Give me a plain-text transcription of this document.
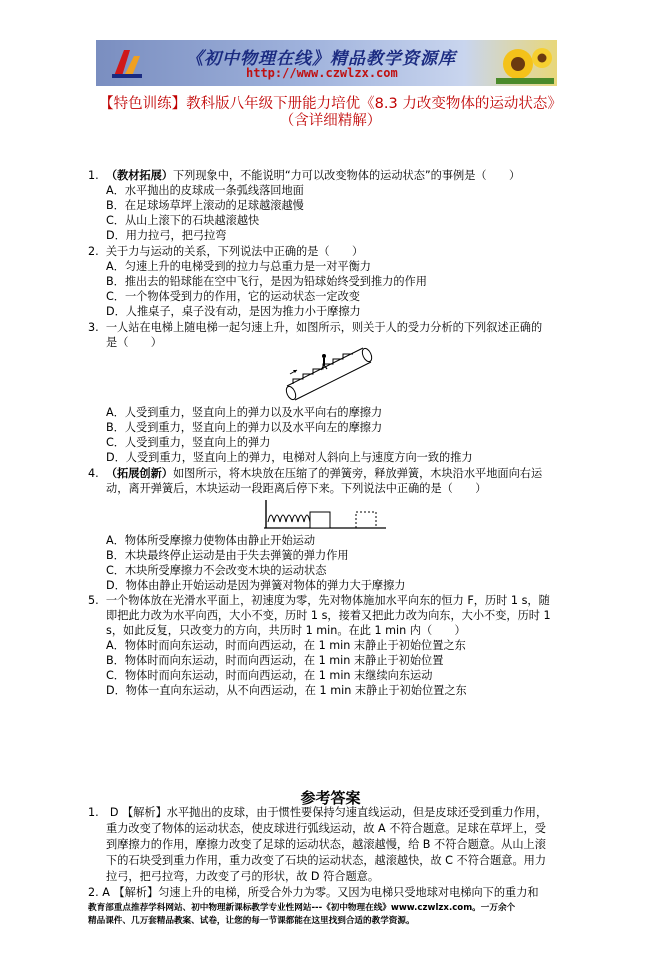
《初中物理在线》精品教学资源库
http://www.czwlzx.com
【特色训练】教科版八年级下册能力培优《8.3 力改变物体的运动状态》
（含详细精解）
1. （教材拓展）下列现象中，不能说明“力可以改变物体的运动状态”的事例是（　　）
A．水平抛出的皮球成一条弧线落回地面
B．在足球场草坪上滚动的足球越滚越慢
C．从山上滚下的石块越滚越快
D．用力拉弓，把弓拉弯
2. 关于力与运动的关系，下列说法中正确的是（　　）
A．匀速上升的电梯受到的拉力与总重力是一对平衡力
B．推出去的铅球能在空中飞行，是因为铅球始终受到推力的作用
C．一个物体受到力的作用，它的运动状态一定改变
D．人推桌子，桌子没有动，是因为推力小于摩擦力
3. 一人站在电梯上随电梯一起匀速上升，如图所示，则关于人的受力分析的下列叙述正确的
是（　　）
A．人受到重力，竖直向上的弹力以及水平向右的摩擦力
B．人受到重力，竖直向上的弹力以及水平向左的摩擦力
C．人受到重力，竖直向上的弹力
D．人受到重力，竖直向上的弹力，电梯对人斜向上与速度方向一致的推力
4. （拓展创新）如图所示，将木块放在压缩了的弹簧旁，释放弹簧，木块沿水平地面向右运
动，离开弹簧后，木块运动一段距离后停下来。下列说法中正确的是（　　）
A．物体所受摩擦力使物体由静止开始运动
B．木块最终停止运动是由于失去弹簧的弹力作用
C．木块所受摩擦力不会改变木块的运动状态
D．物体由静止开始运动是因为弹簧对物体的弹力大于摩擦力
5. 一个物体放在光滑水平面上，初速度为零，先对物体施加水平向东的恒力 F，历时 1 s，随
即把此力改为水平向西，大小不变，历时 1 s，接着又把此力改为向东，大小不变，历时 1
s，如此反复，只改变力的方向，共历时 1 min。在此 1 min 内（　　）
A．物体时而向东运动，时而向西运动，在 1 min 末静止于初始位置之东
B．物体时而向东运动，时而向西运动，在 1 min 末静止于初始位置
C．物体时而向东运动，时而向西运动，在 1 min 末继续向东运动
D．物体一直向东运动，从不向西运动，在 1 min 末静止于初始位置之东
参考答案
1.　D 【解析】水平抛出的皮球，由于惯性要保持匀速直线运动，但是皮球还受到重力作用，
重力改变了物体的运动状态，使皮球进行弧线运动，故 A 不符合题意。足球在草坪上，受
到摩擦力的作用，摩擦力改变了足球的运动状态，越滚越慢，给 B 不符合题意。从山上滚
下的石块受到重力作用，重力改变了石块的运动状态，越滚越快，故 C 不符合题意。用力
拉弓，把弓拉弯，力改变了弓的形状，故 D 符合题意。
2. A 【解析】匀速上升的电梯，所受合外力为零。又因为电梯只受地球对电梯向下的重力和
教育部重点推荐学科网站、初中物理新课标教学专业性网站---《初中物理在线》www.czwlzx.com。一万余个
精品课件、几万套精品教案、试卷，让您的每一节课都能在这里找到合适的教学资源。
